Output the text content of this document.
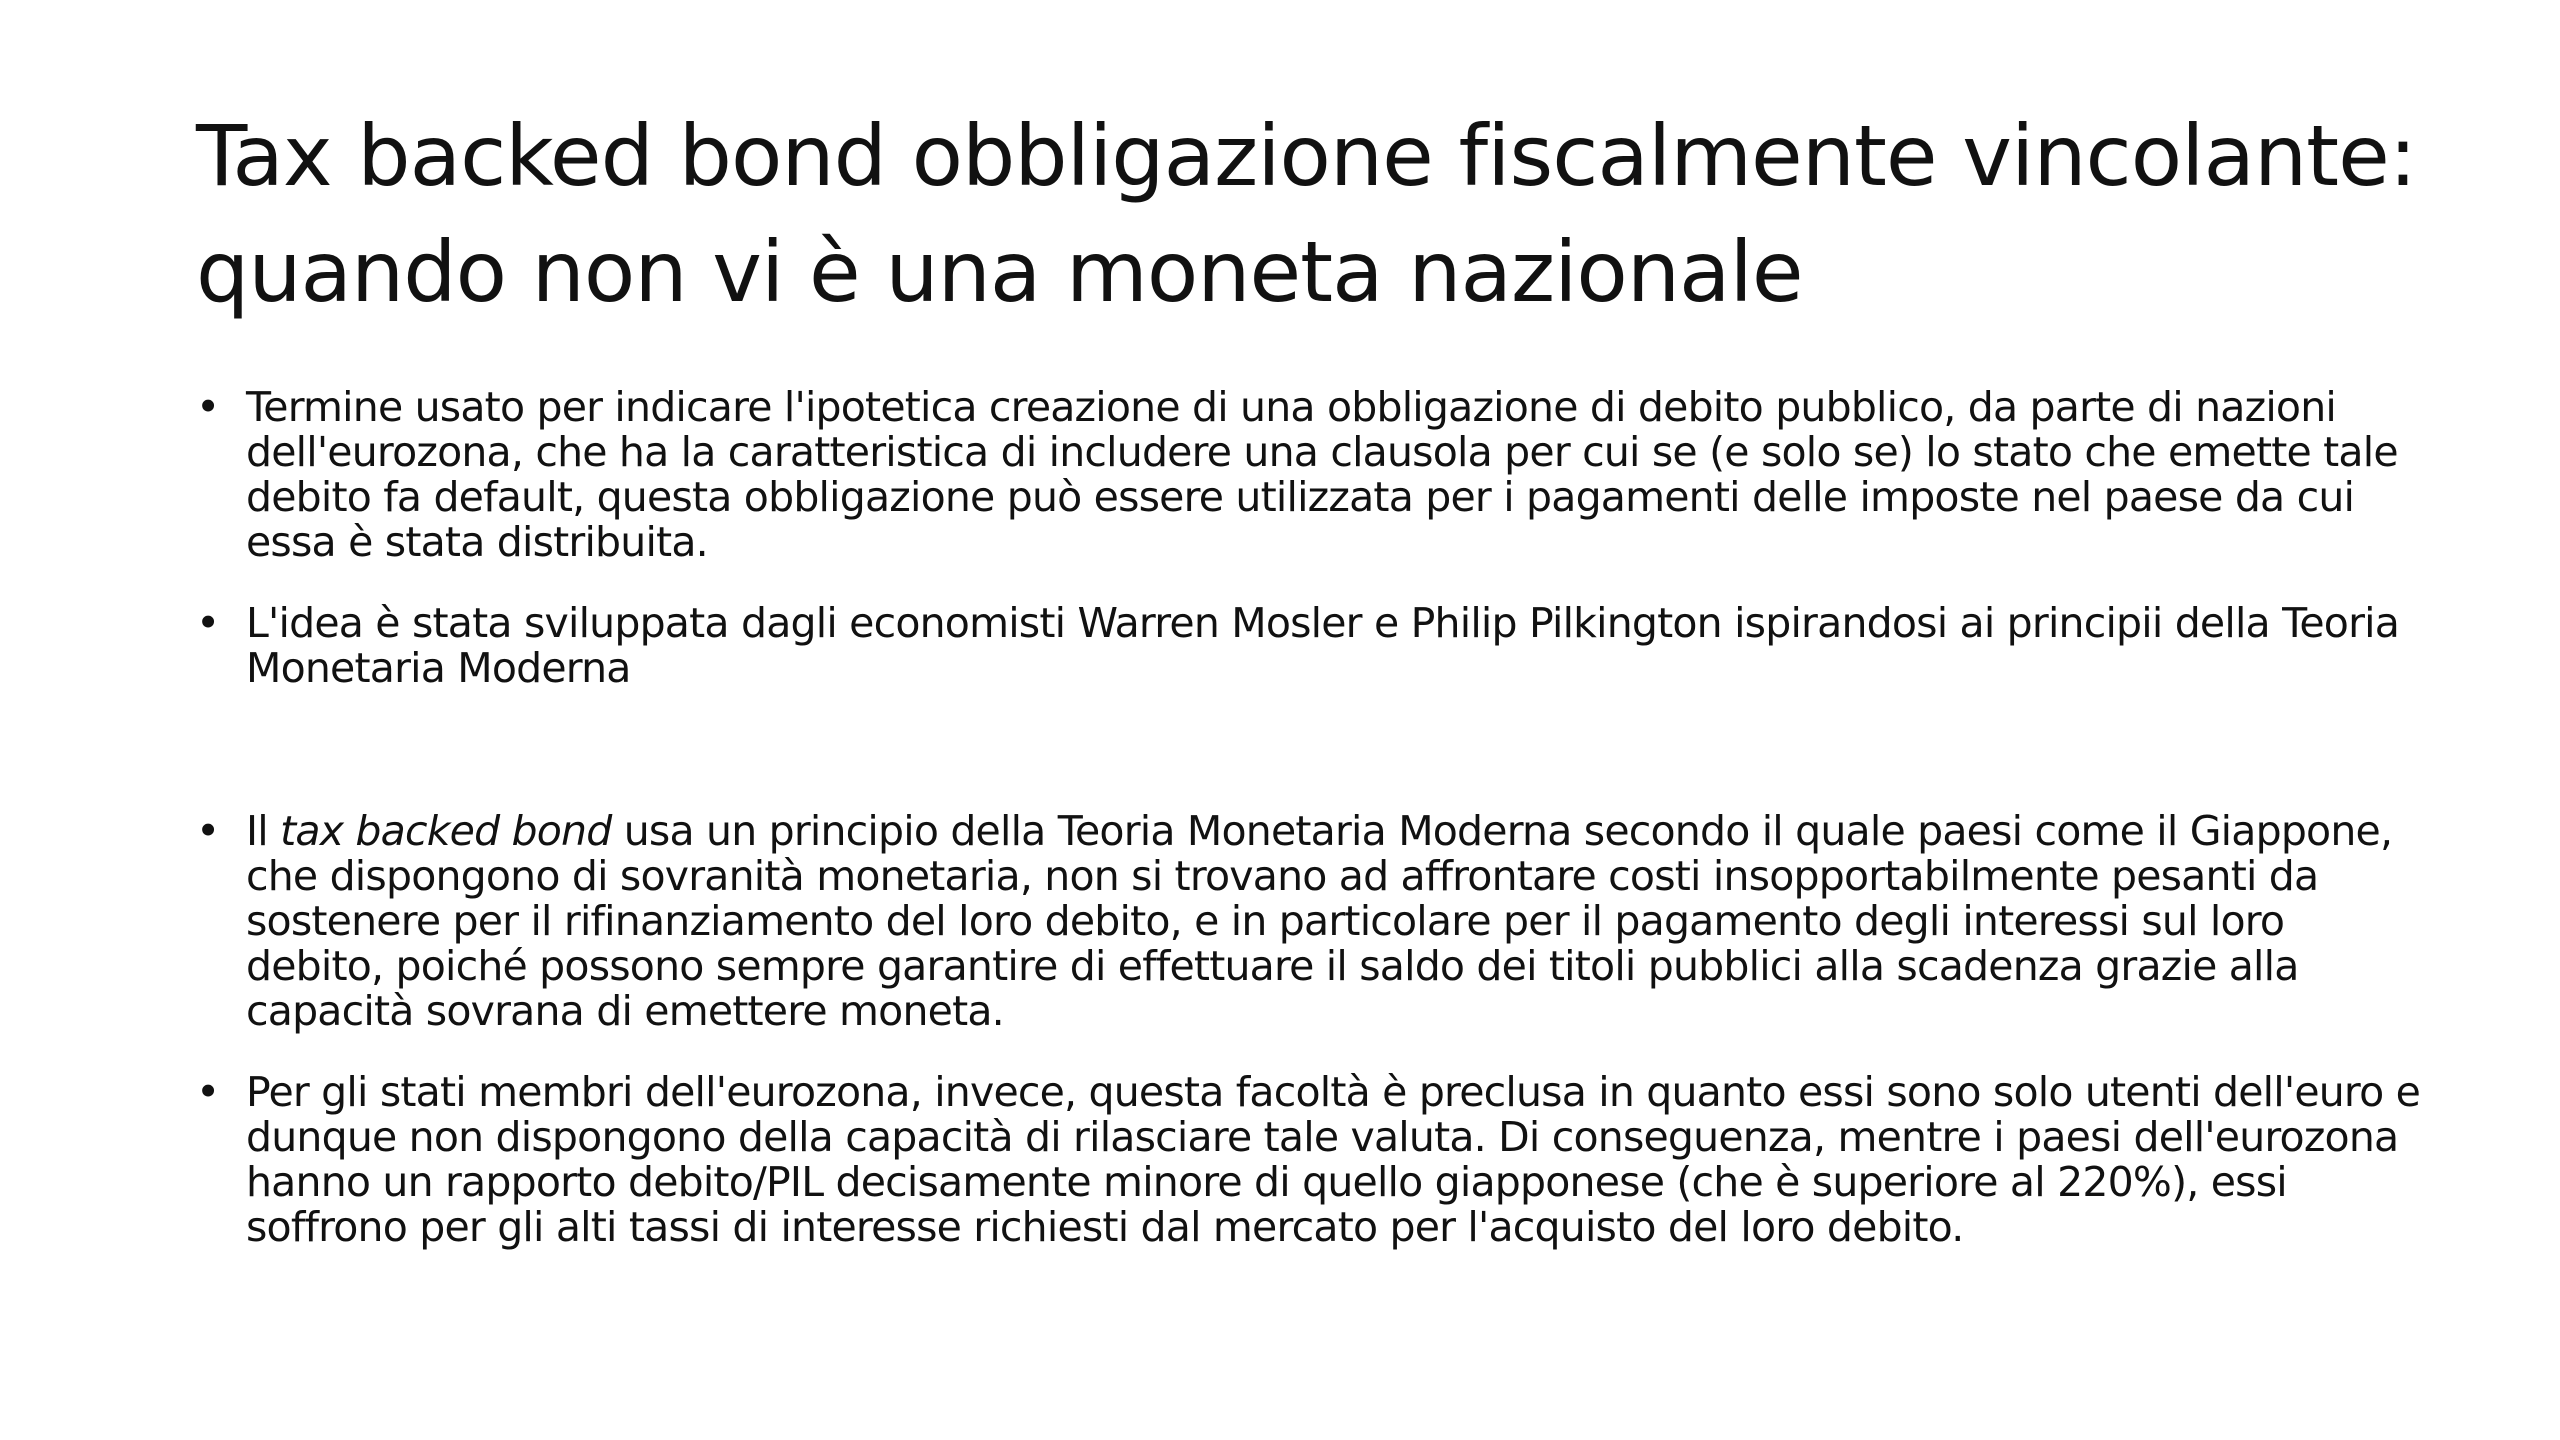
Tax backed bond obbligazione fiscalmente vincolante: quando non vi è una moneta nazionale
• Termine usato per indicare l'ipotetica creazione di una obbligazione di debito pubblico, da parte di nazioni dell'eurozona, che ha la caratteristica di includere una clausola per cui se (e solo se) lo stato che emette tale debito fa default, questa obbligazione può essere utilizzata per i pagamenti delle imposte nel paese da cui essa è stata distribuita.
• L'idea è stata sviluppata dagli economisti Warren Mosler e Philip Pilkington ispirandosi ai principii della Teoria Monetaria Moderna
• Il tax backed bond usa un principio della Teoria Monetaria Moderna secondo il quale paesi come il Giappone, che dispongono di sovranità monetaria, non si trovano ad affrontare costi insopportabilmente pesanti da sostenere per il rifinanziamento del loro debito, e in particolare per il pagamento degli interessi sul loro debito, poiché possono sempre garantire di effettuare il saldo dei titoli pubblici alla scadenza grazie alla capacità sovrana di emettere moneta.
• Per gli stati membri dell'eurozona, invece, questa facoltà è preclusa in quanto essi sono solo utenti dell'euro e dunque non dispongono della capacità di rilasciare tale valuta. Di conseguenza, mentre i paesi dell'eurozona hanno un rapporto debito/PIL decisamente minore di quello giapponese (che è superiore al 220%), essi soffrono per gli alti tassi di interesse richiesti dal mercato per l'acquisto del loro debito.
